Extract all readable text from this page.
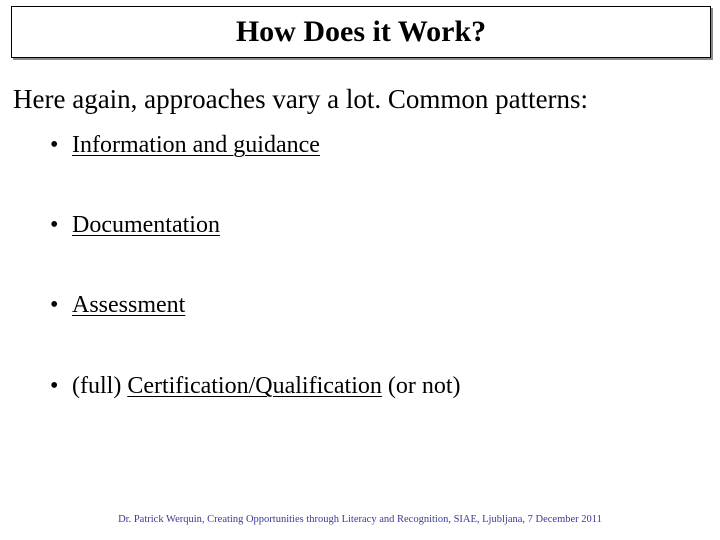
How Does it Work?
Here again, approaches vary a lot. Common patterns:
• Information and guidance
• Documentation
• Assessment
• (full) Certification/Qualification (or not)
Dr. Patrick Werquin, Creating Opportunities through Literacy and Recognition, SIAE, Ljubljana, 7 December 2011
